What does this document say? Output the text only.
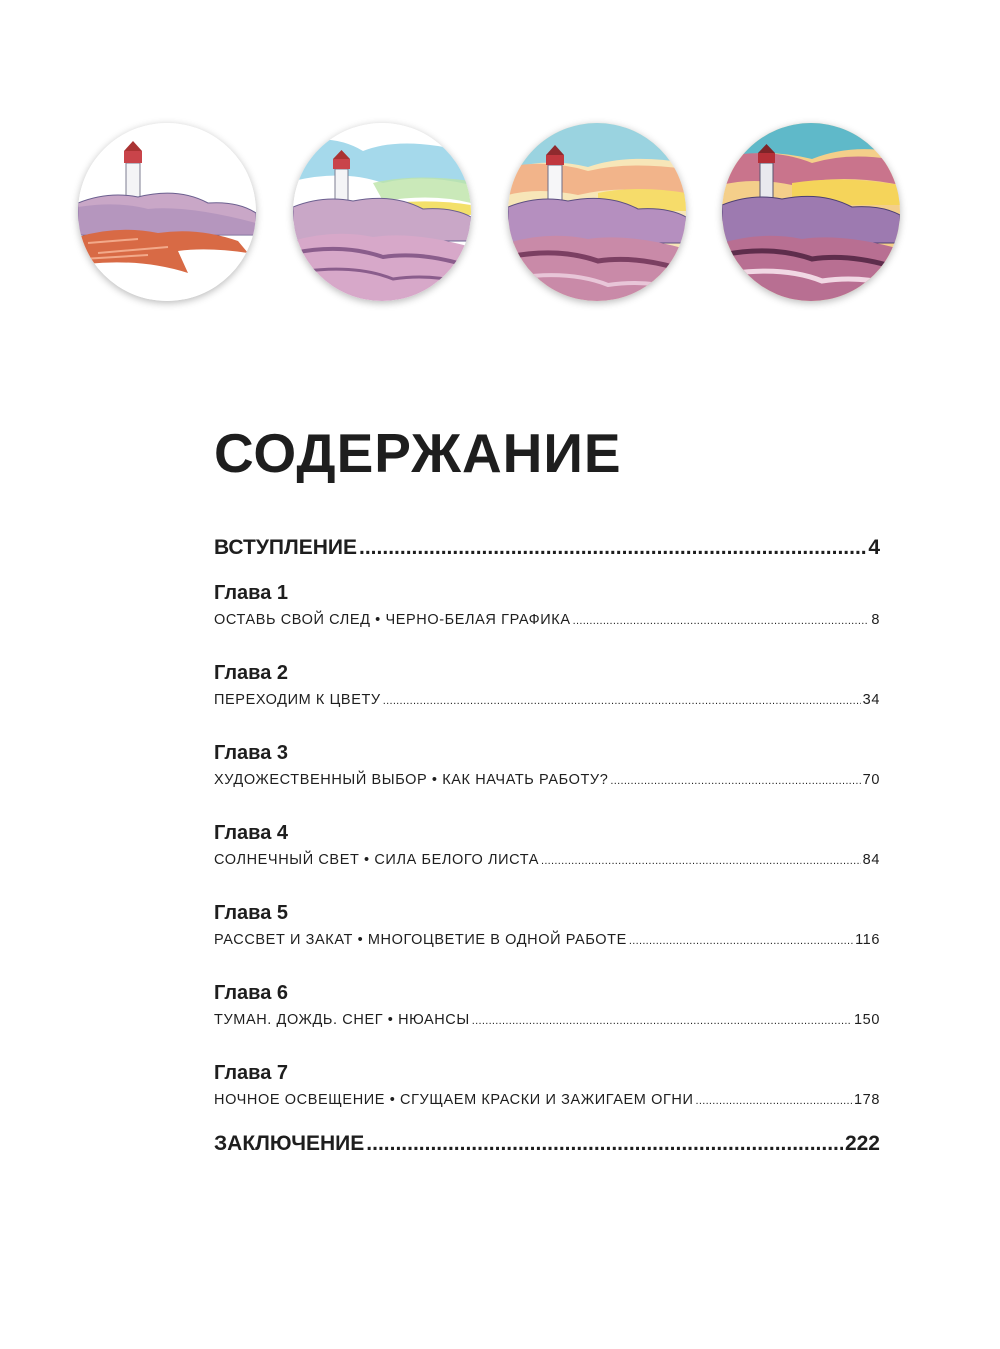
СОДЕРЖАНИЕ
ВСТУПЛЕНИЕ .....	4
Глава 1
ОСТАВЬ СВОЙ СЛЕД • ЧЕРНО-БЕЛАЯ ГРАФИКА .....	8
Глава 2
ПЕРЕХОДИМ К ЦВЕТУ .....	34
Глава 3
ХУДОЖЕСТВЕННЫЙ ВЫБОР • КАК НАЧАТЬ РАБОТУ? .....	70
Глава 4
СОЛНЕЧНЫЙ СВЕТ • СИЛА БЕЛОГО ЛИСТА .....	84
Глава 5
РАССВЕТ И ЗАКАТ • МНОГОЦВЕТИЕ В ОДНОЙ РАБОТЕ .....	116
Глава 6
ТУМАН. ДОЖДЬ. СНЕГ • НЮАНСЫ .....	150
Глава 7
НОЧНОЕ ОСВЕЩЕНИЕ • СГУЩАЕМ КРАСКИ И ЗАЖИГАЕМ ОГНИ .....	178
ЗАКЛЮЧЕНИЕ .....	222
